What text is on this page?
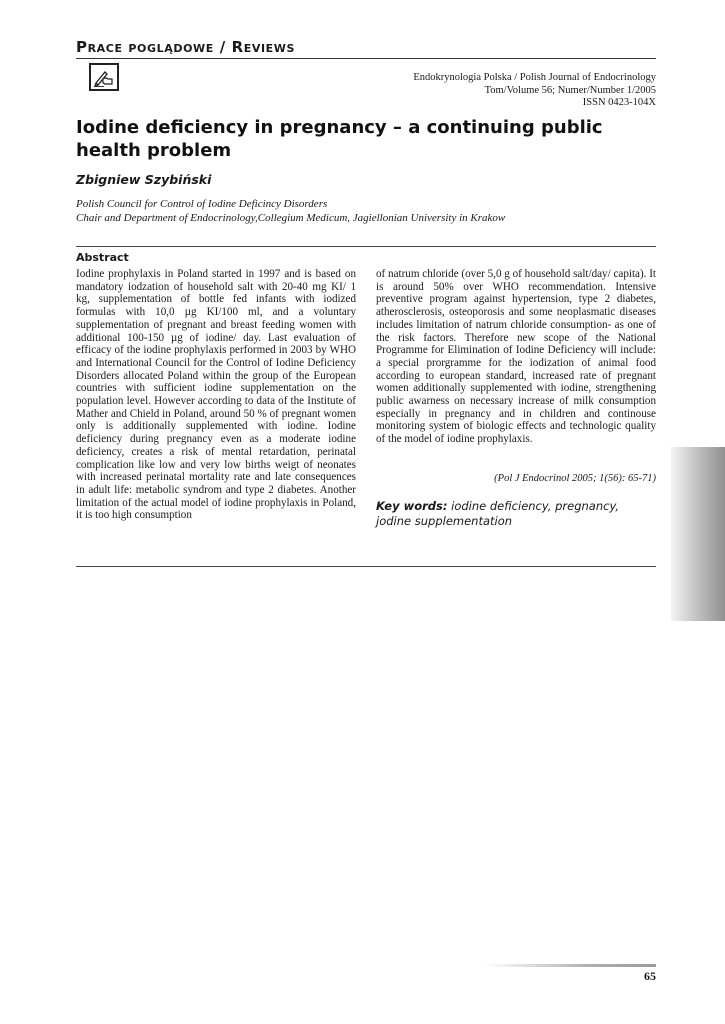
Prace poglądowe / Reviews
Endokrynologia Polska / Polish Journal of Endocrinology
Tom/Volume 56; Numer/Number 1/2005
ISSN 0423-104X
Iodine deficiency in pregnancy – a continuing public health problem
Zbigniew Szybiński
Polish Council for Control of Iodine Deficincy Disorders
Chair and Department of Endocrinology,Collegium Medicum, Jagiellonian University in Krakow
Abstract

Iodine prophylaxis in Poland started in 1997 and is based on mandatory iodzation of household salt with 20-40 mg KI/ 1 kg, supplementation of bottle fed infants with iodized formulas with 10,0 µg KI/100 ml, and a voluntary supplementation of pregnant and breast feeding women with additional 100-150 µg of iodine/ day. Last evaluation of efficacy of the iodine prophylaxis performed in 2003 by WHO and International Council for the Control of Iodine Deficiency Disorders allocated Poland within the group of the European countries with sufficient iodine supplementation on the population level. However according to data of the Institute of Mather and Chield in Poland, around 50 % of pregnant women only is additionally supplemented with iodine. Iodine deficiency during pregnancy even as a moderate iodine deficiency, creates a risk of mental retardation, perinatal complication like low and very low births weigt of neonates with increased perinatal mortality rate and late consequences in adult life: metabolic syndrom and type 2 diabetes. Another limitation of the actual model of iodine prophylaxis in Poland, it is too high consumption

of natrum chloride (over 5,0 g of household salt/day/ capita). It is around 50% over WHO recommendation. Intensive preventive program against hypertension, type 2 diabetes, atherosclerosis, osteoporosis and some neoplasmatic diseases includes limitation of natrum chloride consumption- as one of the risk factors. Therefore new scope of the National Programme for Elimination of Iodine Deficiency will include: a special prorgramme for the iodization of animal food according to european standard, increased rate of pregnant women additionally supplemented with iodine, strengthening public awarness on necessary increase of milk consumption especially in pregnancy and in children and continouse monitoring system of biologic effects and technologic quality of the model of iodine prophylaxis.

(Pol J Endocrinol 2005; 1(56): 65-71)

Key words: iodine deficiency, pregnancy, jodine supplementation

65
